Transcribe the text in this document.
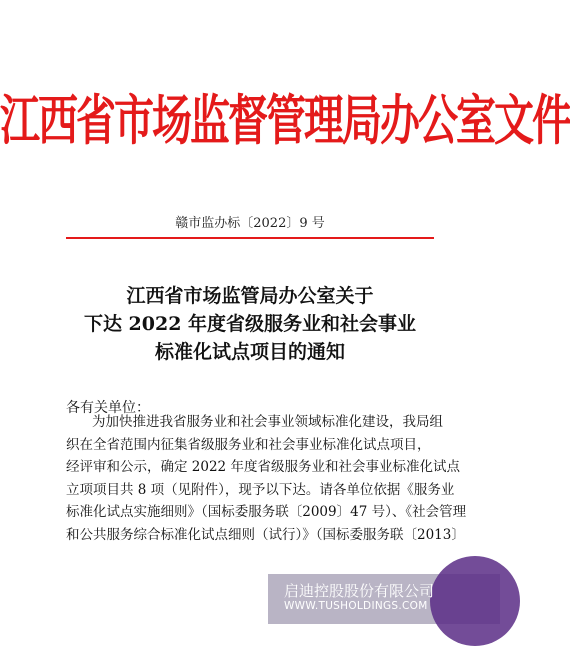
江西省市场监督管理局办公室文件
赣市监办标〔2022〕9 号
江西省市场监管局办公室关于
下达 2022 年度省级服务业和社会事业
标准化试点项目的通知
各有关单位：
为加快推进我省服务业和社会事业领域标准化建设，我局组
织在全省范围内征集省级服务业和社会事业标准化试点项目，
经评审和公示，确定 2022 年度省级服务业和社会事业标准化试点
立项项目共 8 项（见附件），现予以下达。请各单位依据《服务业
标准化试点实施细则》（国标委服务联〔2009〕47 号）、《社会管理
和公共服务综合标准化试点细则（试行）》（国标委服务联〔2013〕
启迪控股股份有限公司
WWW.TUSHOLDINGS.COM
